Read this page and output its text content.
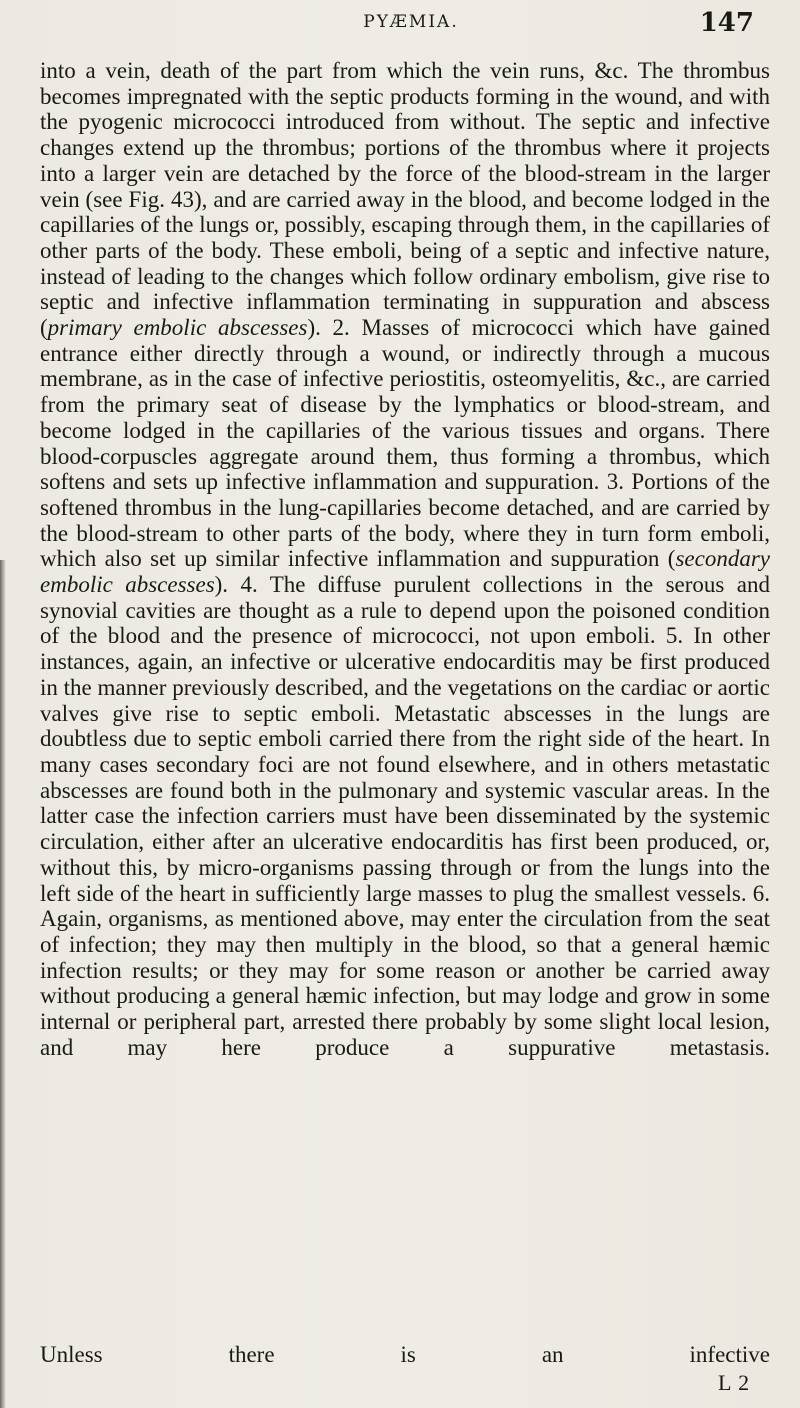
PYÆMIA.	147

into a vein, death of the part from which the vein runs, &c. The thrombus becomes impregnated with the septic products forming in the wound, and with the pyogenic micrococci introduced from without. The septic and infective changes extend up the thrombus; portions of the thrombus where it projects into a larger vein are detached by the force of the blood-stream in the larger vein (see Fig. 43), and are carried away in the blood, and become lodged in the capillaries of the lungs or, possibly, escaping through them, in the capillaries of other parts of the body. These emboli, being of a septic and infective nature, instead of leading to the changes which follow ordinary embolism, give rise to septic and infective inflammation terminating in suppuration and abscess (primary embolic abscesses). 2. Masses of micrococci which have gained entrance either directly through a wound, or indirectly through a mucous membrane, as in the case of infective periostitis, osteomyelitis, &c., are carried from the primary seat of disease by the lymphatics or blood-stream, and become lodged in the capillaries of the various tissues and organs. There blood-corpuscles aggregate around them, thus forming a thrombus, which softens and sets up infective inflammation and suppuration. 3. Portions of the softened thrombus in the lung-capillaries become detached, and are carried by the blood-stream to other parts of the body, where they in turn form emboli, which also set up similar infective inflammation and suppuration (secondary embolic abscesses). 4. The diffuse purulent collections in the serous and synovial cavities are thought as a rule to depend upon the poisoned condition of the blood and the presence of micrococci, not upon emboli. 5. In other instances, again, an infective or ulcerative endocarditis may be first produced in the manner previously described, and the vegetations on the cardiac or aortic valves give rise to septic emboli. Metastatic abscesses in the lungs are doubtless due to septic emboli carried there from the right side of the heart. In many cases secondary foci are not found elsewhere, and in others metastatic abscesses are found both in the pulmonary and systemic vascular areas. In the latter case the infection carriers must have been disseminated by the systemic circulation, either after an ulcerative endocarditis has first been produced, or, without this, by micro-organisms passing through or from the lungs into the left side of the heart in sufficiently large masses to plug the smallest vessels. 6. Again, organisms, as mentioned above, may enter the circulation from the seat of infection; they may then multiply in the blood, so that a general hæmic infection results; or they may for some reason or another be carried away without producing a general hæmic infection, but may lodge and grow in some internal or peripheral part, arrested there probably by some slight local lesion, and may here produce a suppurative metastasis.

Unless there is an infective

L 2
